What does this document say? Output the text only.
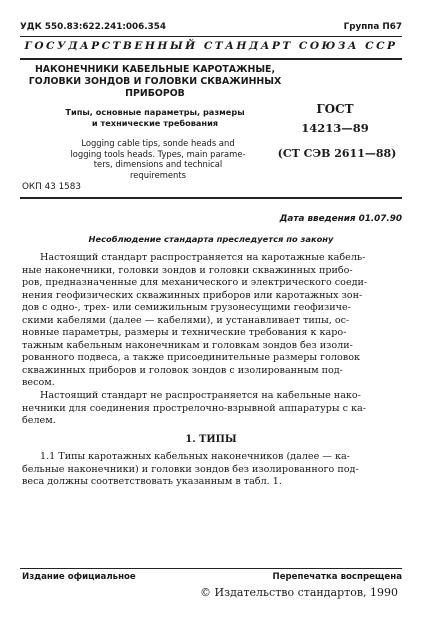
УДК 550.83:622.241:006.354	Группа П67
ГОСУДАРСТВЕННЫЙ СТАНДАРТ СОЮЗА ССР
НАКОНЕЧНИКИ КАБЕЛЬНЫЕ КАРОТАЖНЫЕ,
ГОЛОВКИ ЗОНДОВ И ГОЛОВКИ СКВАЖИННЫХ
ПРИБОРОВ
Типы, основные параметры, размеры
и технические требования
Logging cable tips, sonde heads and
logging tools heads. Types, main parame-
ters, dimensions and technical
requirements
ГОСТ
14213—89
(СТ СЭВ 2611—88)
ОКП 43 1583
Дата введения 01.07.90
Несоблюдение стандарта преследуется по закону
Настоящий стандарт распространяется на каротажные кабель-
ные наконечники, головки зондов и головки скважинных прибо-
ров, предназначенные для механического и электрического соеди-
нения геофизических скважинных приборов или каротажных зон-
дов с одно-, трех- или семижильным грузонесущими геофизиче-
скими кабелями (далее — кабелями), и устанавливает типы, ос-
новные параметры, размеры и технические требования к каро-
тажным кабельным наконечникам и головкам зондов без изоли-
рованного подвеса, а также присоединительные размеры головок
скважинных приборов и головок зондов с изолированным под-
весом.
Настоящий стандарт не распространяется на кабельные нако-
нечники для соединения прострелочно-взрывной аппаратуры с ка-
белем.
1. ТИПЫ
1.1 Типы каротажных кабельных наконечников (далее — ка-
бельные наконечники) и головки зондов без изолированного под-
веса должны соответствовать указанным в табл. 1.
Издание официальное	Перепечатка воспрещена
© Издательство стандартов, 1990
